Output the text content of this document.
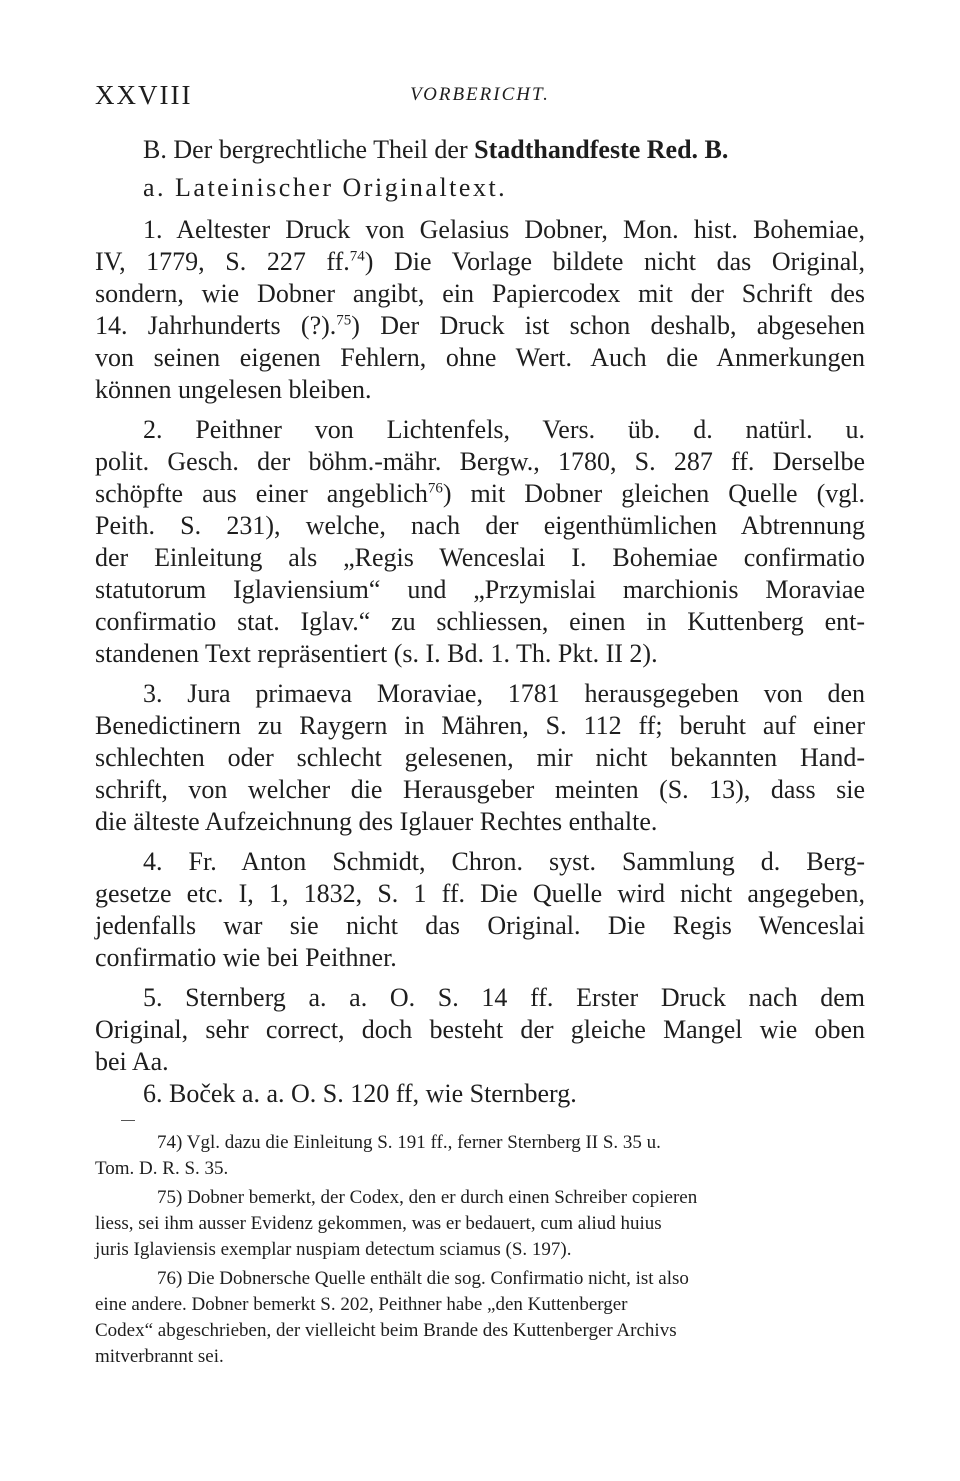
XXVIII	VORBERICHT.
B. Der bergrechtliche Theil der Stadthandfeste Red. B.
a. Lateinischer Originaltext.
1. Aeltester Druck von Gelasius Dobner, Mon. hist. Bohemiae,
IV, 1779, S. 227 ff.$^{74}$) Die Vorlage bildete nicht das Original,
sondern, wie Dobner angibt, ein Papiercodex mit der Schrift des
14. Jahrhunderts (?).$^{75}$) Der Druck ist schon deshalb, abgesehen
von seinen eigenen Fehlern, ohne Wert. Auch die Anmerkungen
können ungelesen bleiben.
2. Peithner von Lichtenfels, Vers. üb. d. natürl. u.
polit. Gesch. der böhm.-mähr. Bergw., 1780, S. 287 ff. Derselbe
schöpfte aus einer angeblich$^{76}$) mit Dobner gleichen Quelle (vgl.
Peith. S. 231), welche, nach der eigenthümlichen Abtrennung
der Einleitung als „Regis Wenceslai I. Bohemiae confirmatio
statutorum Iglaviensium“ und „Przymislai marchionis Moraviae
confirmatio stat. Iglav.“ zu schliessen, einen in Kuttenberg ent-
standenen Text repräsentiert (s. I. Bd. 1. Th. Pkt. II 2).
3. Jura primaeva Moraviae, 1781 herausgegeben von den
Benedictinern zu Raygern in Mähren, S. 112 ff; beruht auf einer
schlechten oder schlecht gelesenen, mir nicht bekannten Hand-
schrift, von welcher die Herausgeber meinten (S. 13), dass sie
die älteste Aufzeichnung des Iglauer Rechtes enthalte.
4. Fr. Anton Schmidt, Chron. syst. Sammlung d. Berg-
gesetze etc. I, 1, 1832, S. 1 ff. Die Quelle wird nicht angegeben,
jedenfalls war sie nicht das Original. Die Regis Wenceslai
confirmatio wie bei Peithner.
5. Sternberg a. a. O. S. 14 ff. Erster Druck nach dem
Original, sehr correct, doch besteht der gleiche Mangel wie oben
bei Aa.
6. Boček a. a. O. S. 120 ff, wie Sternberg.
74) Vgl. dazu die Einleitung S. 191 ff., ferner Sternberg II S. 35 u.
Tom. D. R. S. 35.
75) Dobner bemerkt, der Codex, den er durch einen Schreiber copieren
liess, sei ihm ausser Evidenz gekommen, was er bedauert, cum aliud huius
juris Iglaviensis exemplar nuspiam detectum sciamus (S. 197).
76) Die Dobnersche Quelle enthält die sog. Confirmatio nicht, ist also
eine andere. Dobner bemerkt S. 202, Peithner habe „den Kuttenberger
Codex“ abgeschrieben, der vielleicht beim Brande des Kuttenberger Archivs
mitverbrannt sei.
